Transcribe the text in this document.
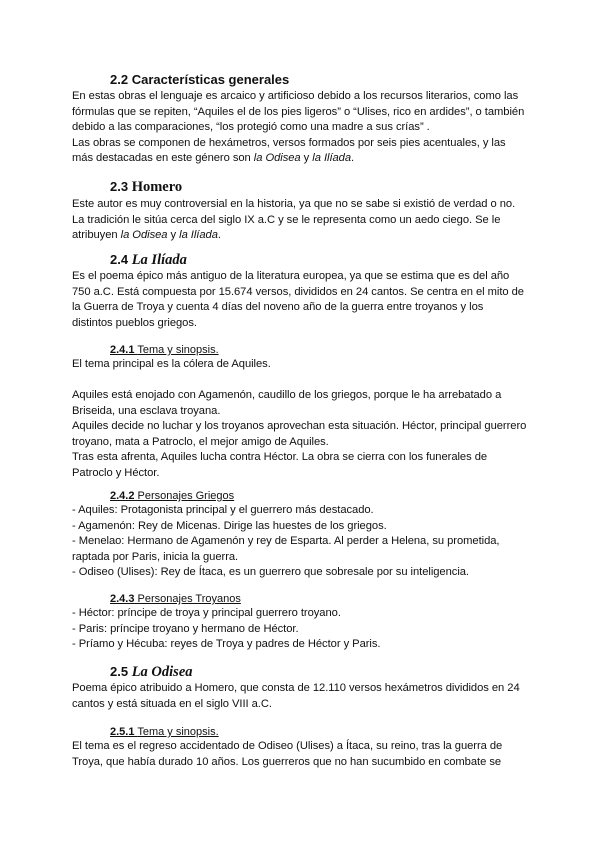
2.2 Características generales
En estas obras el lenguaje es arcaico y artificioso debido a los recursos literarios, como las
fórmulas que se repiten, “Aquiles el de los pies ligeros” o “Ulises, rico en ardides”, o también
debido a las comparaciones, “los protegió como una madre a sus crías” .
Las obras se componen de hexámetros, versos formados por seis pies acentuales, y las
más destacadas en este género son la Odisea y la Ilíada.
2.3 Homero
Este autor es muy controversial en la historia, ya que no se sabe si existió de verdad o no.
La tradición le sitúa cerca del siglo IX a.C y se le representa como un aedo ciego. Se le
atribuyen la Odisea y la Ilíada.
2.4 La Ilíada
Es el poema épico más antiguo de la literatura europea, ya que se estima que es del año
750 a.C. Está compuesta por 15.674 versos, divididos en 24 cantos. Se centra en el mito de
la Guerra de Troya y cuenta 4 días del noveno año de la guerra entre troyanos y los
distintos pueblos griegos.
2.4.1 Tema y sinopsis.
El tema principal es la cólera de Aquiles.
Aquiles está enojado con Agamenón, caudillo de los griegos, porque le ha arrebatado a
Briseida, una esclava troyana.
Aquiles decide no luchar y los troyanos aprovechan esta situación. Héctor, principal guerrero
troyano, mata a Patroclo, el mejor amigo de Aquiles.
Tras esta afrenta, Aquiles lucha contra Héctor. La obra se cierra con los funerales de
Patroclo y Héctor.
2.4.2 Personajes Griegos
- Aquiles: Protagonista principal y el guerrero más destacado.
- Agamenón: Rey de Micenas. Dirige las huestes de los griegos.
- Menelao: Hermano de Agamenón y rey de Esparta. Al perder a Helena, su prometida,
raptada por Paris, inicia la guerra.
- Odiseo (Ulises): Rey de Ítaca, es un guerrero que sobresale por su inteligencia.
2.4.3 Personajes Troyanos
- Héctor: príncipe de troya y principal guerrero troyano.
- Paris: príncipe troyano y hermano de Héctor.
- Príamo y Hécuba: reyes de Troya y padres de Héctor y Paris.
2.5 La Odisea
Poema épico atribuido a Homero, que consta de 12.110 versos hexámetros divididos en 24
cantos y está situada en el siglo VIII a.C.
2.5.1 Tema y sinopsis.
El tema es el regreso accidentado de Odiseo (Ulises) a Ítaca, su reino, tras la guerra de
Troya, que había durado 10 años. Los guerreros que no han sucumbido en combate se
